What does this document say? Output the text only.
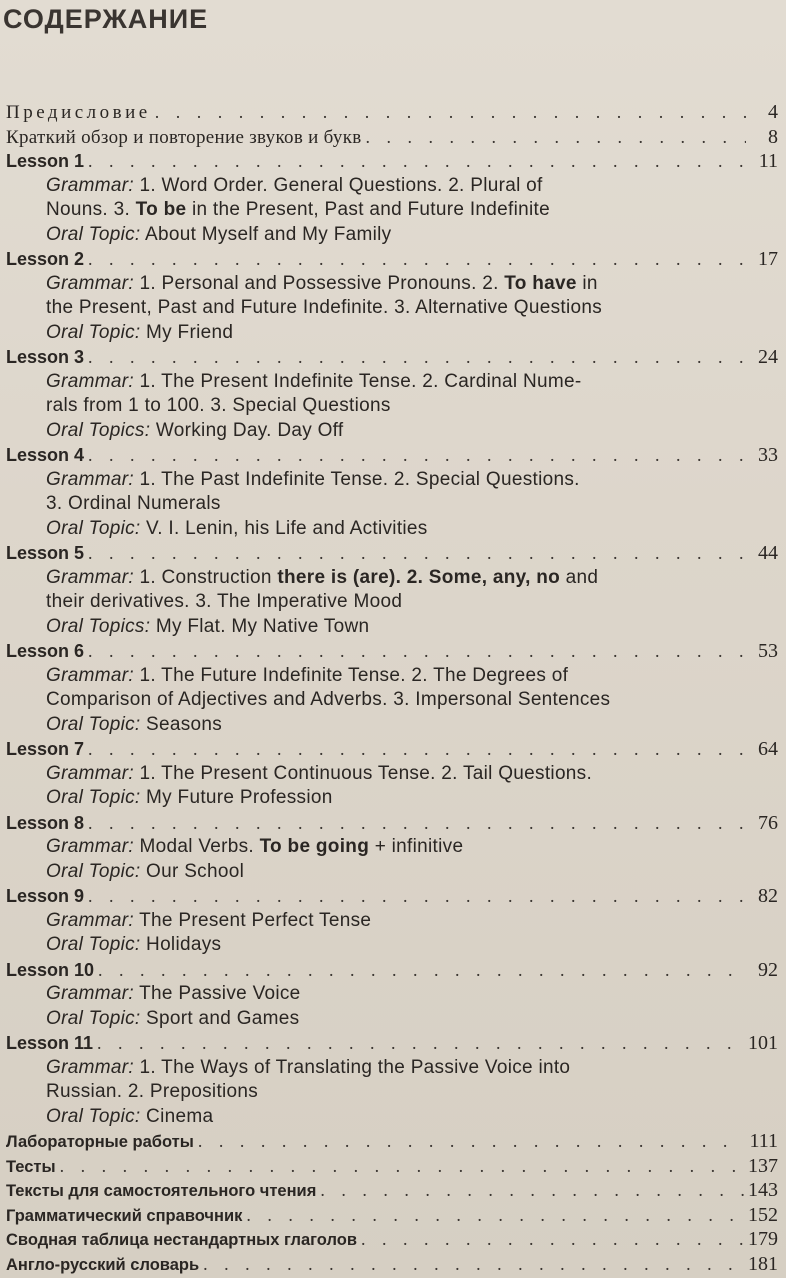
СОДЕРЖАНИЕ
Предисловие . . .	4
Краткий обзор и повторение звуков и букв . . .	8
Lesson 1 . . .	11
Grammar: 1. Word Order. General Questions. 2. Plural of
Nouns. 3. To be in the Present, Past and Future Indefinite
Oral Topic: About Myself and My Family
Lesson 2 . . .	17
Grammar: 1. Personal and Possessive Pronouns. 2. To have in
the Present, Past and Future Indefinite. 3. Alternative Questions
Oral Topic: My Friend
Lesson 3 . . .	24
Grammar: 1. The Present Indefinite Tense. 2. Cardinal Nume-
rals from 1 to 100. 3. Special Questions
Oral Topics: Working Day. Day Off
Lesson 4 . . .	33
Grammar: 1. The Past Indefinite Tense. 2. Special Questions.
3. Ordinal Numerals
Oral Topic: V. I. Lenin, his Life and Activities
Lesson 5 . . .	44
Grammar: 1. Construction there is (are). 2. Some, any, no and
their derivatives. 3. The Imperative Mood
Oral Topics: My Flat. My Native Town
Lesson 6 . . .	53
Grammar: 1. The Future Indefinite Tense. 2. The Degrees of
Comparison of Adjectives and Adverbs. 3. Impersonal Sentences
Oral Topic: Seasons
Lesson 7 . . .	64
Grammar: 1. The Present Continuous Tense. 2. Tail Questions.
Oral Topic: My Future Profession
Lesson 8 . . .	76
Grammar: Modal Verbs. To be going + infinitive
Oral Topic: Our School
Lesson 9 . . .	82
Grammar: The Present Perfect Tense
Oral Topic: Holidays
Lesson 10 . . .	92
Grammar: The Passive Voice
Oral Topic: Sport and Games
Lesson 11 . . .	101
Grammar: 1. The Ways of Translating the Passive Voice into
Russian. 2. Prepositions
Oral Topic: Cinema
Лабораторные работы . . .	111
Тесты . . .	137
Тексты для самостоятельного чтения . . .	143
Грамматический справочник . . .	152
Сводная таблица нестандартных глаголов . . .	179
Англо-русский словарь . . .	181
